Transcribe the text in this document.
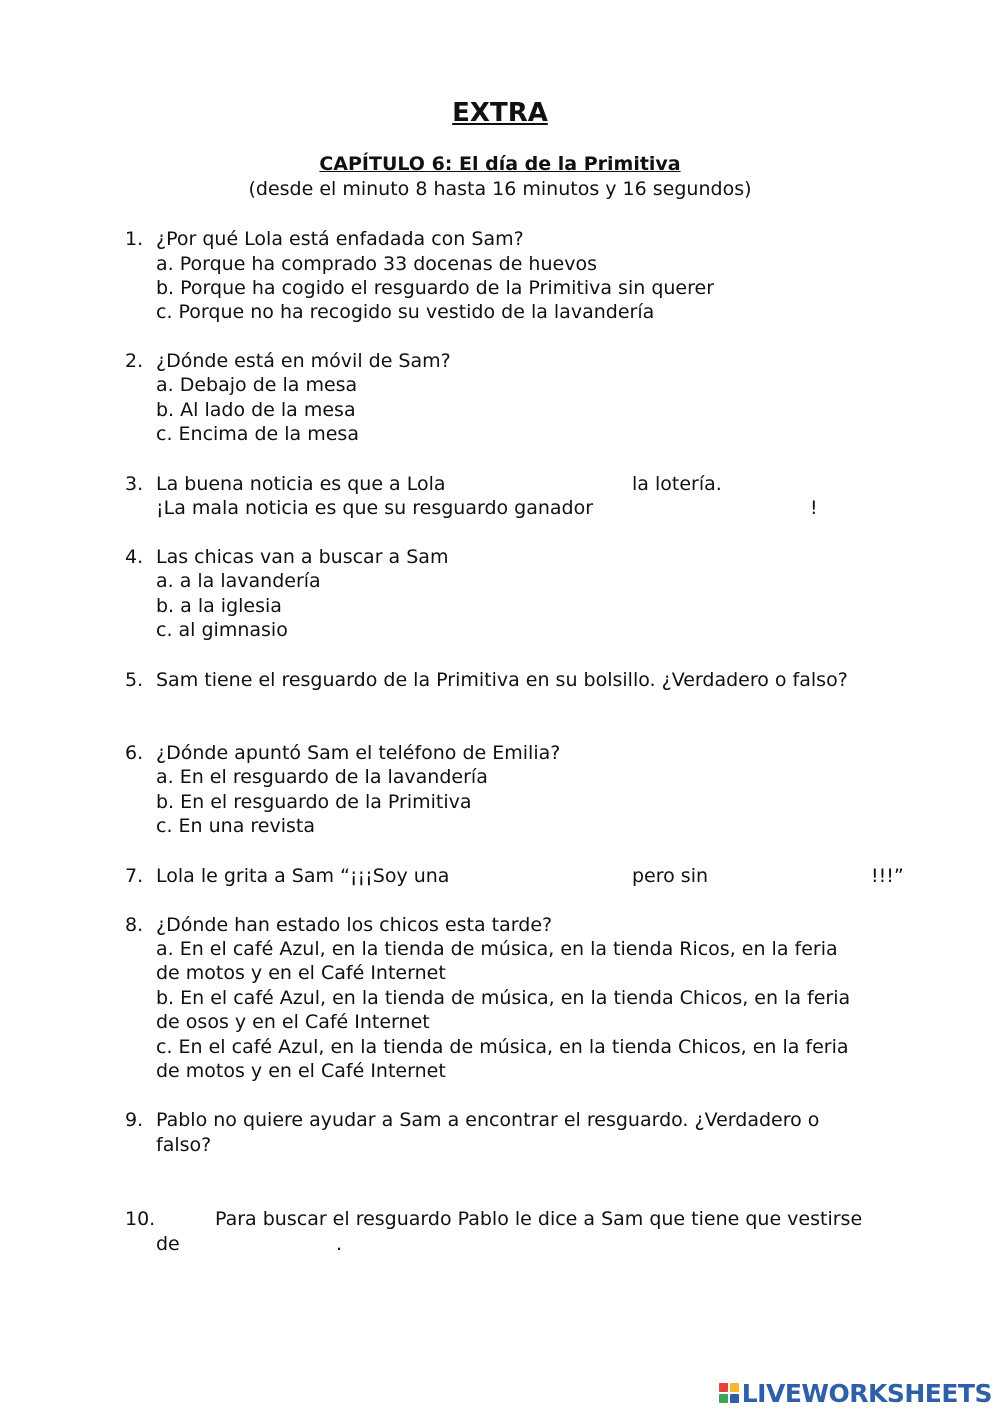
EXTRA
CAPÍTULO 6: El día de la Primitiva
(desde el minuto 8 hasta 16 minutos y 16 segundos)
1. ¿Por qué Lola está enfadada con Sam?
a. Porque ha comprado 33 docenas de huevos
b. Porque ha cogido el resguardo de la Primitiva sin querer
c. Porque no ha recogido su vestido de la lavandería
2. ¿Dónde está en móvil de Sam?
a. Debajo de la mesa
b. Al lado de la mesa
c. Encima de la mesa
3. La buena noticia es que a Lola	la lotería.
¡La mala noticia es que su resguardo ganador	!
4. Las chicas van a buscar a Sam
a. a la lavandería
b. a la iglesia
c. al gimnasio
5. Sam tiene el resguardo de la Primitiva en su bolsillo. ¿Verdadero o falso?
6. ¿Dónde apuntó Sam el teléfono de Emilia?
a. En el resguardo de la lavandería
b. En el resguardo de la Primitiva
c. En una revista
7. Lola le grita a Sam “¡¡¡Soy una	pero sin	!!!”
8. ¿Dónde han estado los chicos esta tarde?
a. En el café Azul, en la tienda de música, en la tienda Ricos, en la feria
de motos y en el Café Internet
b. En el café Azul, en la tienda de música, en la tienda Chicos, en la feria
de osos y en el Café Internet
c. En el café Azul, en la tienda de música, en la tienda Chicos, en la feria
de motos y en el Café Internet
9. Pablo no quiere ayudar a Sam a encontrar el resguardo. ¿Verdadero o
falso?
10.	Para buscar el resguardo Pablo le dice a Sam que tiene que vestirse
de	.
LIVEWORKSHEETS
